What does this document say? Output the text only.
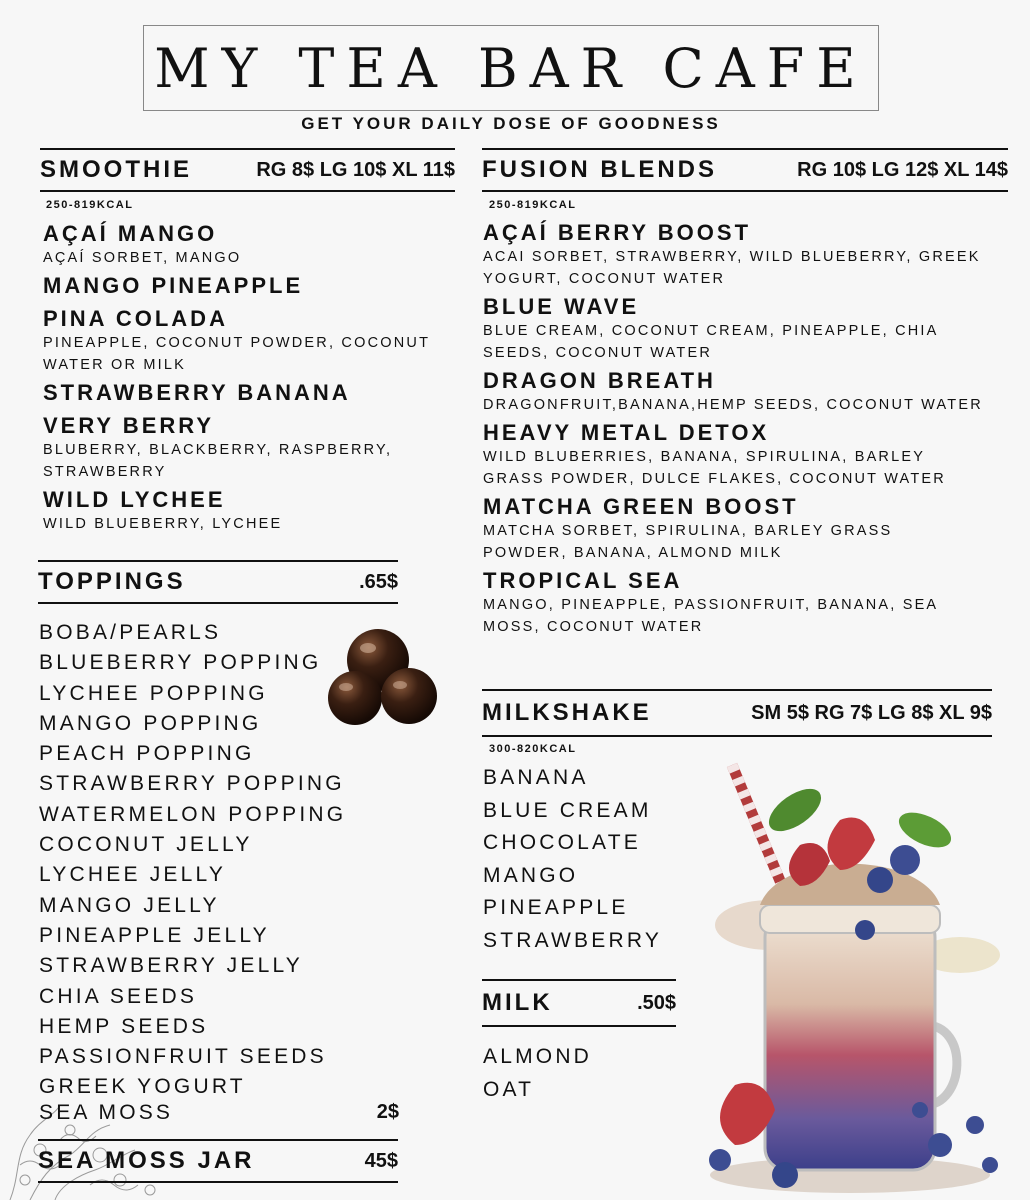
MY TEA BAR CAFE
GET YOUR DAILY DOSE OF GOODNESS
SMOOTHIE	RG 8$ LG 10$ XL 11$
250-819KCAL
AÇAÍ MANGO
AÇAÍ SORBET, MANGO
MANGO PINEAPPLE
PINA COLADA
PINEAPPLE, COCONUT POWDER, COCONUT WATER OR MILK
STRAWBERRY BANANA
VERY BERRY
BLUBERRY, BLACKBERRY, RASPBERRY, STRAWBERRY
WILD LYCHEE
WILD BLUEBERRY, LYCHEE
TOPPINGS	.65$
BOBA/PEARLS
BLUEBERRY POPPING
LYCHEE POPPING
MANGO POPPING
PEACH POPPING
STRAWBERRY POPPING
WATERMELON POPPING
COCONUT JELLY
LYCHEE JELLY
MANGO JELLY
PINEAPPLE JELLY
STRAWBERRY JELLY
CHIA SEEDS
HEMP SEEDS
PASSIONFRUIT SEEDS
GREEK YOGURT
SEA MOSS	2$
SEA MOSS JAR	45$
FUSION BLENDS	RG 10$ LG 12$ XL 14$
250-819KCAL
AÇAÍ BERRY BOOST
ACAI SORBET, STRAWBERRY, WILD BLUEBERRY, GREEK YOGURT, COCONUT WATER
BLUE WAVE
BLUE CREAM, COCONUT CREAM, PINEAPPLE, CHIA SEEDS, COCONUT WATER
DRAGON BREATH
DRAGONFRUIT,BANANA,HEMP SEEDS, COCONUT WATER
HEAVY METAL DETOX
WILD BLUBERRIES, BANANA, SPIRULINA, BARLEY GRASS POWDER, DULCE FLAKES, COCONUT WATER
MATCHA GREEN BOOST
MATCHA SORBET, SPIRULINA, BARLEY GRASS POWDER, BANANA, ALMOND MILK
TROPICAL SEA
MANGO, PINEAPPLE, PASSIONFRUIT, BANANA, SEA MOSS, COCONUT WATER
MILKSHAKE	SM 5$ RG 7$ LG 8$ XL 9$
300-820KCAL
BANANA
BLUE CREAM
CHOCOLATE
MANGO
PINEAPPLE
STRAWBERRY
MILK	.50$
ALMOND
OAT
